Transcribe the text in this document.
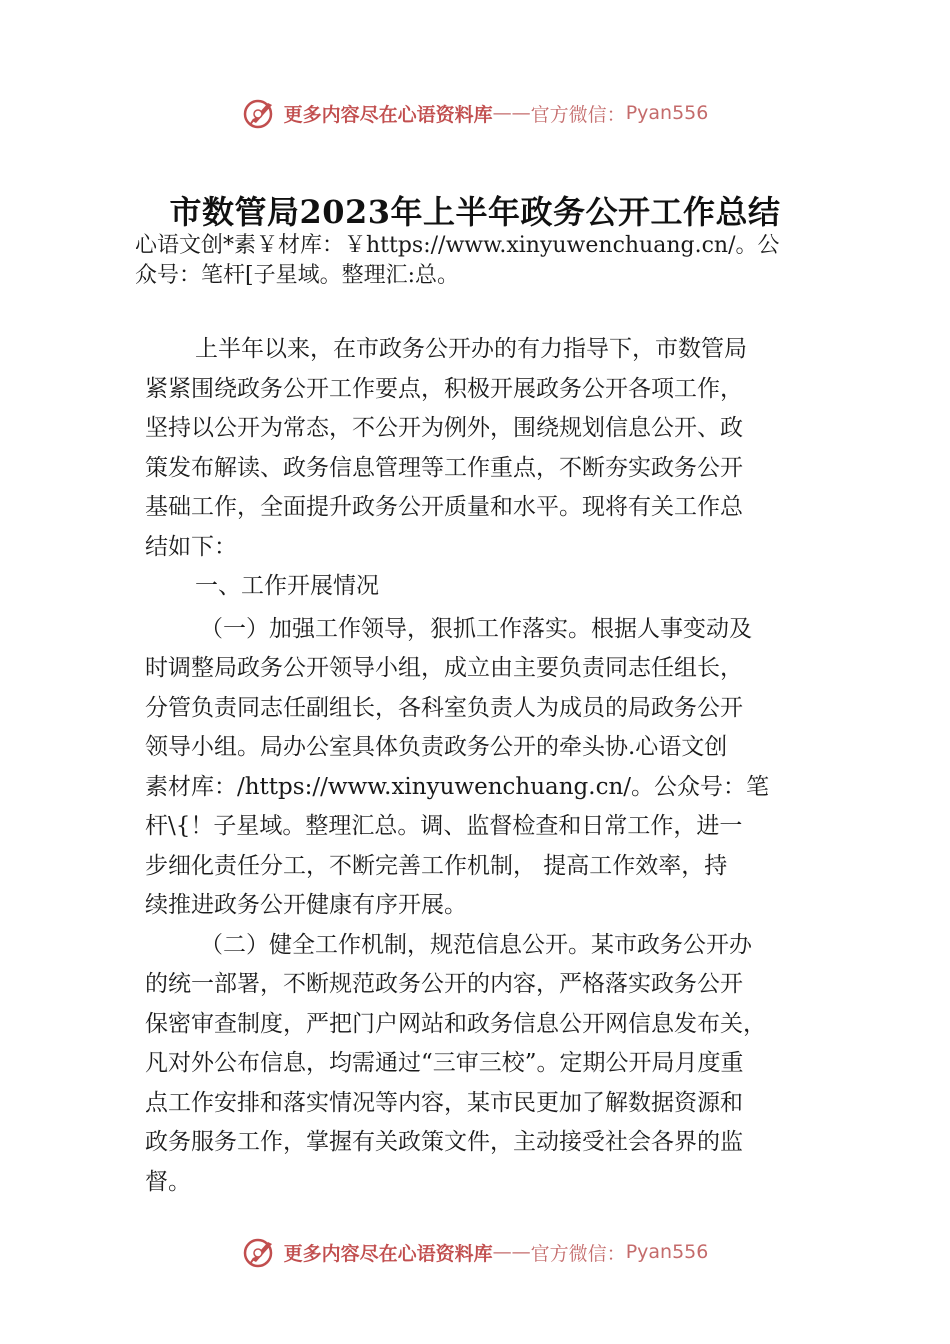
更多内容尽在心语资料库 —— 官方微信： Pyan556
市数管局2023年上半年政务公开工作总结
心语文创*素￥材库：￥https://www.xinyuwenchuang.cn/。公
众号：笔杆[子星域。整理汇:总。
上半年以来，在市政务公开办的有力指导下，市数管局
紧紧围绕政务公开工作要点，积极开展政务公开各项工作，
坚持以公开为常态，不公开为例外，围绕规划信息公开、政
策发布解读、政务信息管理等工作重点，不断夯实政务公开
基础工作，全面提升政务公开质量和水平。现将有关工作总
结如下：
一、工作开展情况
（一）加强工作领导，狠抓工作落实。根据人事变动及
时调整局政务公开领导小组，成立由主要负责同志任组长，
分管负责同志任副组长，各科室负责人为成员的局政务公开
领导小组。局办公室具体负责政务公开的牵头协.心语文创
素材库：/https://www.xinyuwenchuang.cn/。公众号：笔
杆\{！子星域。整理汇总。调、监督检查和日常工作，进一
步细化责任分工，不断完善工作机制， 提高工作效率，持
续推进政务公开健康有序开展。
（二）健全工作机制，规范信息公开。某市政务公开办
的统一部署，不断规范政务公开的内容，严格落实政务公开
保密审查制度，严把门户网站和政务信息公开网信息发布关，
凡对外公布信息，均需通过“三审三校”。定期公开局月度重
点工作安排和落实情况等内容，某市民更加了解数据资源和
政务服务工作，掌握有关政策文件，主动接受社会各界的监
督。
更多内容尽在心语资料库 —— 官方微信： Pyan556
